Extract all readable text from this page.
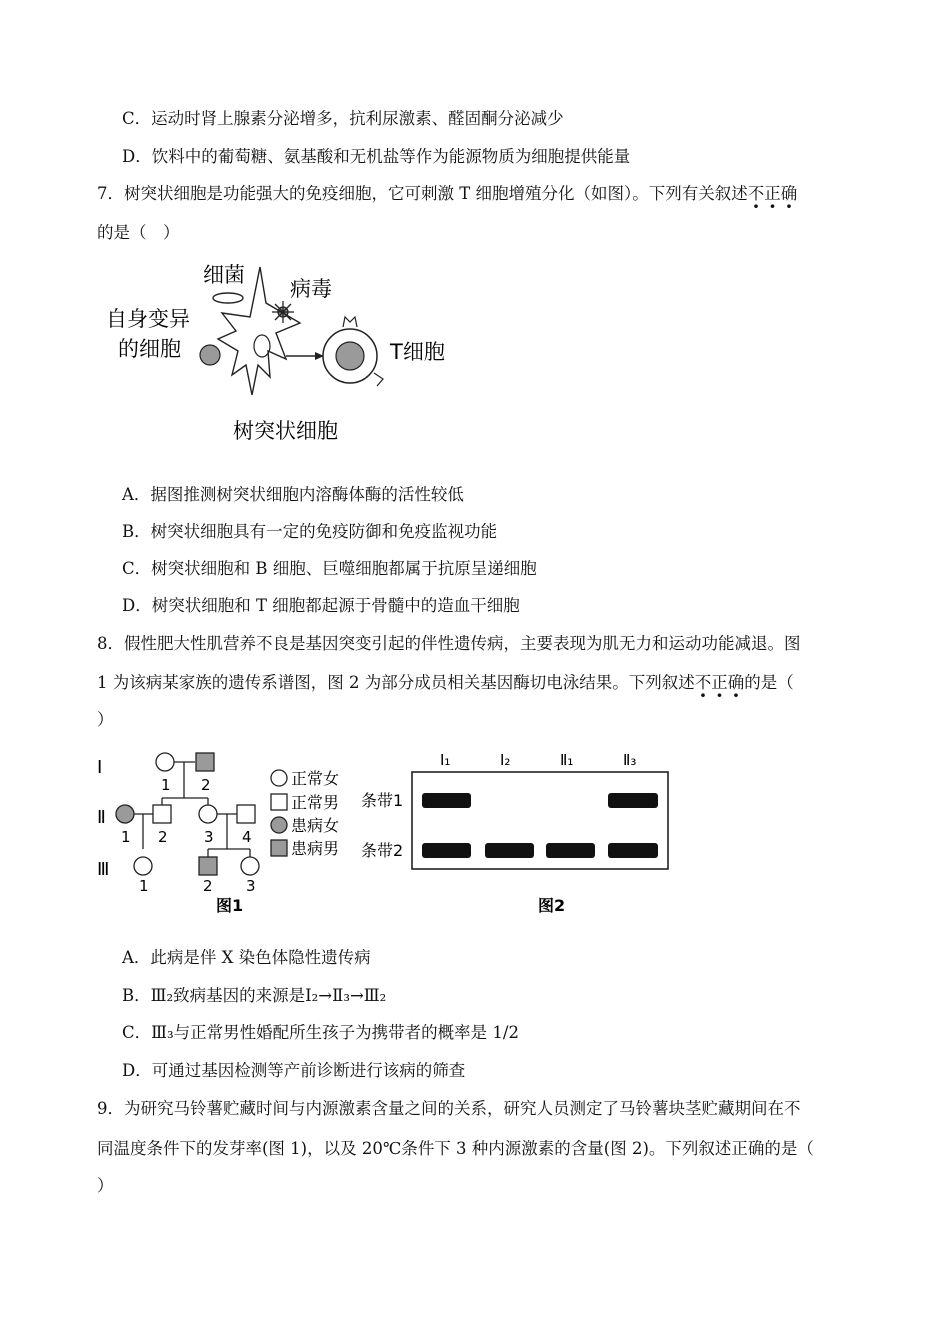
C．运动时肾上腺素分泌增多，抗利尿激素、醛固酮分泌减少
D．饮料中的葡萄糖、氨基酸和无机盐等作为能源物质为细胞提供能量
7．树突状细胞是功能强大的免疫细胞，它可刺激 T 细胞增殖分化（如图）。下列有关叙述不正确
的是（　）
细菌
病毒
自身变异
的细胞	T细胞
树突状细胞
A．据图推测树突状细胞内溶酶体酶的活性较低
B．树突状细胞具有一定的免疫防御和免疫监视功能
C．树突状细胞和 B 细胞、巨噬细胞都属于抗原呈递细胞
D．树突状细胞和 T 细胞都起源于骨髓中的造血干细胞
8．假性肥大性肌营养不良是基因突变引起的伴性遗传病，主要表现为肌无力和运动功能减退。图
1 为该病某家族的遗传系谱图，图 2 为部分成员相关基因酶切电泳结果。下列叙述不正确的是（
）
Ⅰ
Ⅱ
Ⅲ
1 2
1 2 3 4
1	2 3
正常女
正常男
患病女
患病男
图1
Ⅰ₁	Ⅰ₂	Ⅱ₁	Ⅱ₃
条带1
条带2
图2
A．此病是伴 X 染色体隐性遗传病
B．Ⅲ₂致病基因的来源是Ⅰ₂→Ⅱ₃→Ⅲ₂
C．Ⅲ₃与正常男性婚配所生孩子为携带者的概率是 1/2
D．可通过基因检测等产前诊断进行该病的筛查
9．为研究马铃薯贮藏时间与内源激素含量之间的关系，研究人员测定了马铃薯块茎贮藏期间在不
同温度条件下的发芽率(图 1)，以及 20℃条件下 3 种内源激素的含量(图 2)。下列叙述正确的是（
）
